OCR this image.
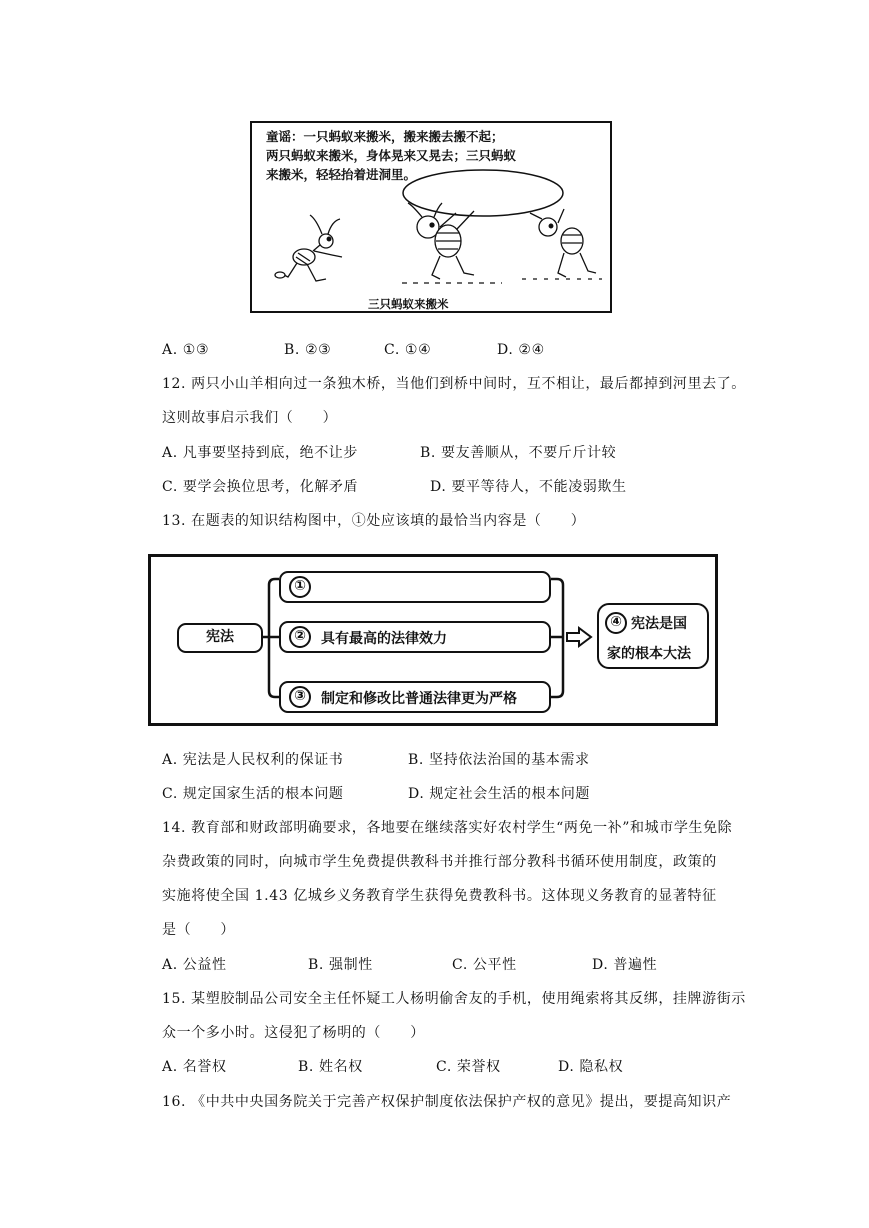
童谣：一只蚂蚁来搬米，搬来搬去搬不起；
两只蚂蚁来搬米，身体晃来又晃去；三只蚂蚁
来搬米，轻轻抬着进洞里。
三只蚂蚁来搬米
A. ①③	B. ②③	C. ①④	D. ②④
12. 两只小山羊相向过一条独木桥，当他们到桥中间时，互不相让，最后都掉到河里去了。
这则故事启示我们（　　）
A. 凡事要坚持到底，绝不让步	B. 要友善顺从，不要斤斤计较
C. 要学会换位思考，化解矛盾	D. 要平等待人，不能凌弱欺生
13. 在题表的知识结构图中，①处应该填的最恰当内容是（　　）
宪法
①
②	具有最高的法律效力
③	制定和修改比普通法律更为严格
④ 宪法是国
家的根本大法
A. 宪法是人民权利的保证书	B. 坚持依法治国的基本需求
C. 规定国家生活的根本问题	D. 规定社会生活的根本问题
14. 教育部和财政部明确要求，各地要在继续落实好农村学生“两免一补”和城市学生免除
杂费政策的同时，向城市学生免费提供教科书并推行部分教科书循环使用制度，政策的
实施将使全国 1.43 亿城乡义务教育学生获得免费教科书。这体现义务教育的显著特征
是（　　）
A. 公益性	B. 强制性	C. 公平性	D. 普遍性
15. 某塑胶制品公司安全主任怀疑工人杨明偷舍友的手机，使用绳索将其反绑，挂牌游街示
众一个多小时。这侵犯了杨明的（　　）
A. 名誉权	B. 姓名权	C. 荣誉权	D. 隐私权
16. 《中共中央国务院关于完善产权保护制度依法保护产权的意见》提出，要提高知识产
